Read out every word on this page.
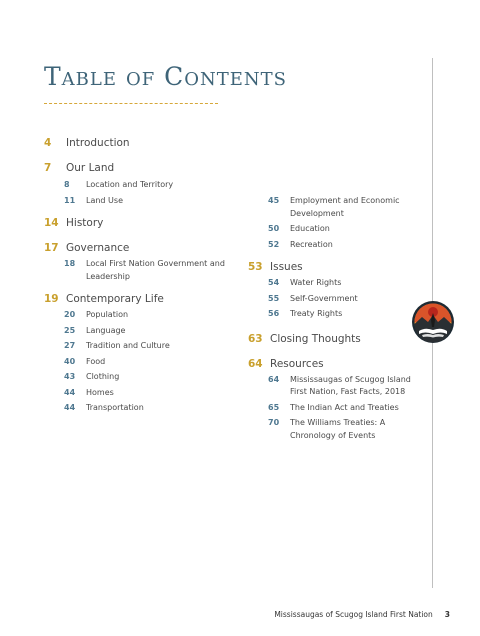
Table of Contents
4	Introduction
7	Our Land
8	Location and Territory
11	Land Use
14 History
17 Governance
18	Local First Nation Government and Leadership
19 Contemporary Life
20	Population
25	Language
27	Tradition and Culture
40	Food
43	Clothing
44	Homes
44	Transportation
45	Employment and Economic Development
50	Education
52	Recreation
53 Issues
54	Water Rights
55	Self-Government
56	Treaty Rights
63 Closing Thoughts
64 Resources
64	Mississaugas of Scugog Island First Nation, Fast Facts, 2018
65	The Indian Act and Treaties
70	The Williams Treaties: A Chronology of Events
Mississaugas of Scugog Island First Nation 3
